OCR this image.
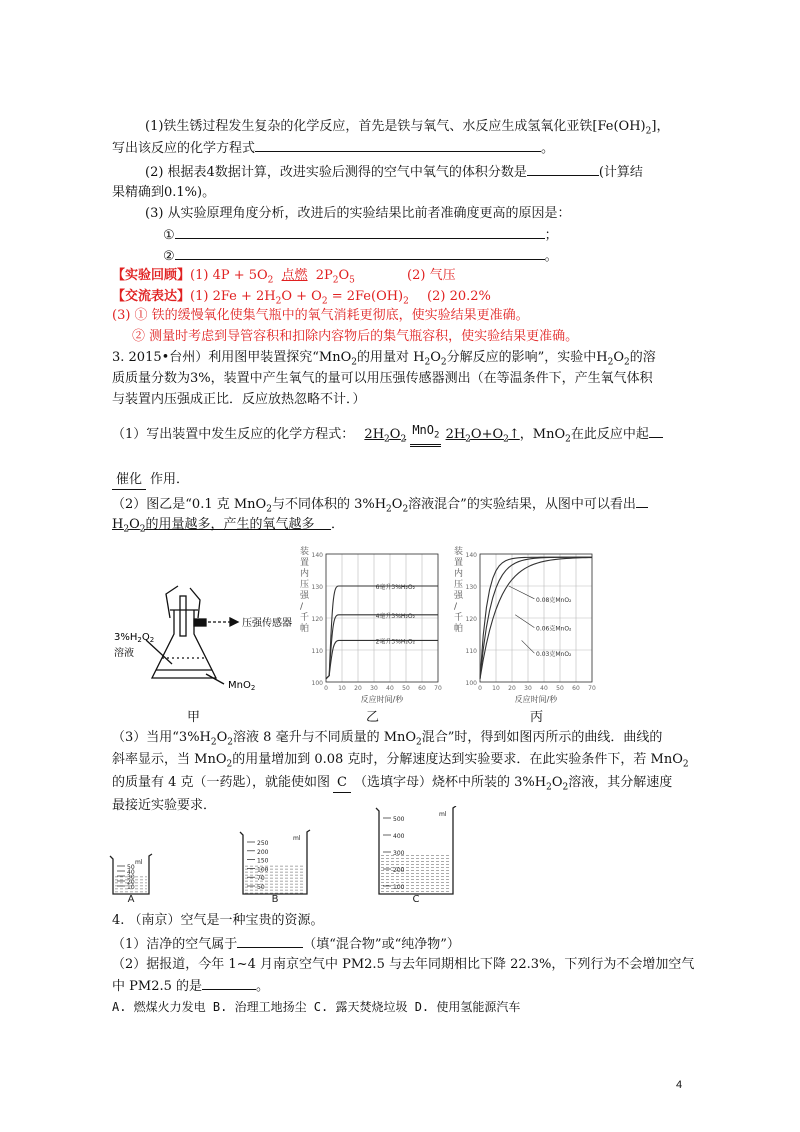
(1)铁生锈过程发生复杂的化学反应，首先是铁与氧气、水反应生成氢氧化亚铁$[Fe(OH)_2]$，
写出该反应的化学方程式	。
(2) 根据表4数据计算，改进实验后测得的空气中氧气的体积分数是	(计算结
果精确到0.1%)。
(3) 从实验原理角度分析，改进后的实验结果比前者准确度更高的原因是：
①	；
②	。
【实验回顾】(1) $4P + 5O_2$ 点燃 $2P_2O_5$	(2) 气压
【交流表达】(1) $2Fe + 2H_2O + O_2 = 2Fe(OH)_2$ (2) 20.2%
(3) ① 铁的缓慢氧化使集气瓶中的氧气消耗更彻底，使实验结果更准确。
② 测量时考虑到导管容积和扣除内容物后的集气瓶容积，使实验结果更准确。
3. 2015•台州）利用图甲装置探究“MnO$_2$的用量对 $H_2O_2$分解反应的影响”，实验中$H_2O_2$的溶
质质量分数为3%，装置中产生氧气的量可以用压强传感器测出（在等温条件下，产生氧气体积
与装置内压强成正比．反应放热忽略不计．）
（1）写出装置中发生反应的化学方程式： $2H_2O_2$ MnO$_2$ $2H_2O+O_2↑$，MnO$_2$在此反应中起
催化 作用．
（2）图乙是“0.1 克 MnO$_2$与不同体积的 $3\%H_2O_2$溶液混合”的实验结果，从图中可以看出
$H_2O_2$的用量越多，产生的氧气越多 ．
压强传感器
$3\%H_2O_2$
溶液
MnO$_2$
甲
装
置
内
压
强
/
千
帕
100
110
120
130
140
0 10 20 30 40 50 60 70
反应时间/秒
6毫升3%H₂O₂
4毫升3%H₂O₂
2毫升3%H₂O₂
乙
装
置
内
压
强
/
千
帕
100
110
120
130
140
0 10 20 30 40 50 60 70
反应时间/秒
0.08克MnO₂
0.06克MnO₂
0.03克MnO₂
丙
（3）当用“$3\%H_2O_2$溶液 8 毫升与不同质量的 MnO$_2$混合”时，得到如图丙所示的曲线．曲线的
斜率显示，当 MnO$_2$的用量增加到 0.08 克时，分解速度达到实验要求．在此实验条件下，若 MnO$_2$
的质量有 4 克（一药匙），就能使如图 C （选填字母）烧杯中所装的 $3\%H_2O_2$溶液，其分解速度
最接近实验要求．
ml
50
40
30
20
10
A
ml
250
200
150
100
70
50
B
ml
500
400
300
200
100
C
4. （南京）空气是一种宝贵的资源。
（1）洁净的空气属于	（填“混合物”或“纯净物”）
（2）据报道，今年 1~4 月南京空气中 PM2.5 与去年同期相比下降 22.3%，下列行为不会增加空气
中 PM2.5 的是	。
A. 燃煤火力发电 B. 治理工地扬尘 C. 露天焚烧垃圾 D. 使用氢能源汽车
4
